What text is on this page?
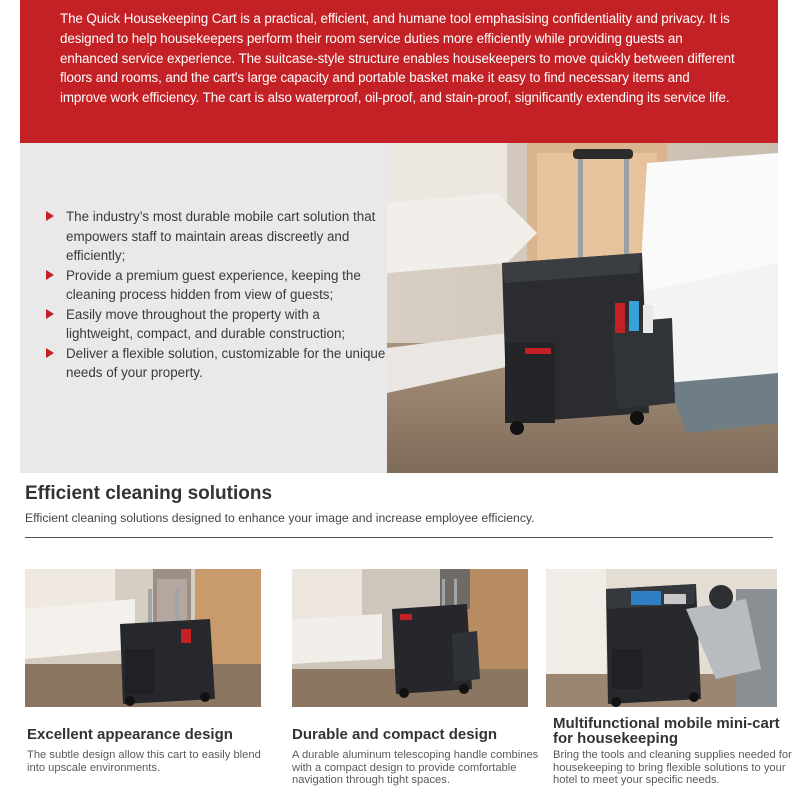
The Quick Housekeeping Cart is a practical, efficient, and humane tool emphasising confidentiality and privacy. It is designed to help housekeepers perform their room service duties more efficiently while providing guests an enhanced service experience. The suitcase-style structure enables housekeepers to move quickly between different floors and rooms, and the cart's large capacity and portable basket make it easy to find necessary items and improve work efficiency. The cart is also waterproof, oil-proof, and stain-proof, significantly extending its service life.

The industry’s most durable mobile cart solution that empowers staff to maintain areas discreetly and efficiently;
Provide a premium guest experience, keeping the cleaning process hidden from view of guests;
Easily move throughout the property with a lightweight, compact, and durable construction;
Deliver a flexible solution, customizable for the unique needs of your property.
Efficient cleaning solutions
Efficient cleaning solutions designed to enhance your image and increase employee efficiency.
Excellent appearance design
The subtle design allow this cart to easily blend into upscale environments.
Durable and compact design
A durable aluminum telescoping handle combines with a compact design to provide comfortable navigation through tight spaces.
Multifunctional mobile mini-cart for housekeeping
Bring the tools and cleaning supplies needed for housekeeping to bring flexible solutions to your hotel to meet your specific needs.
